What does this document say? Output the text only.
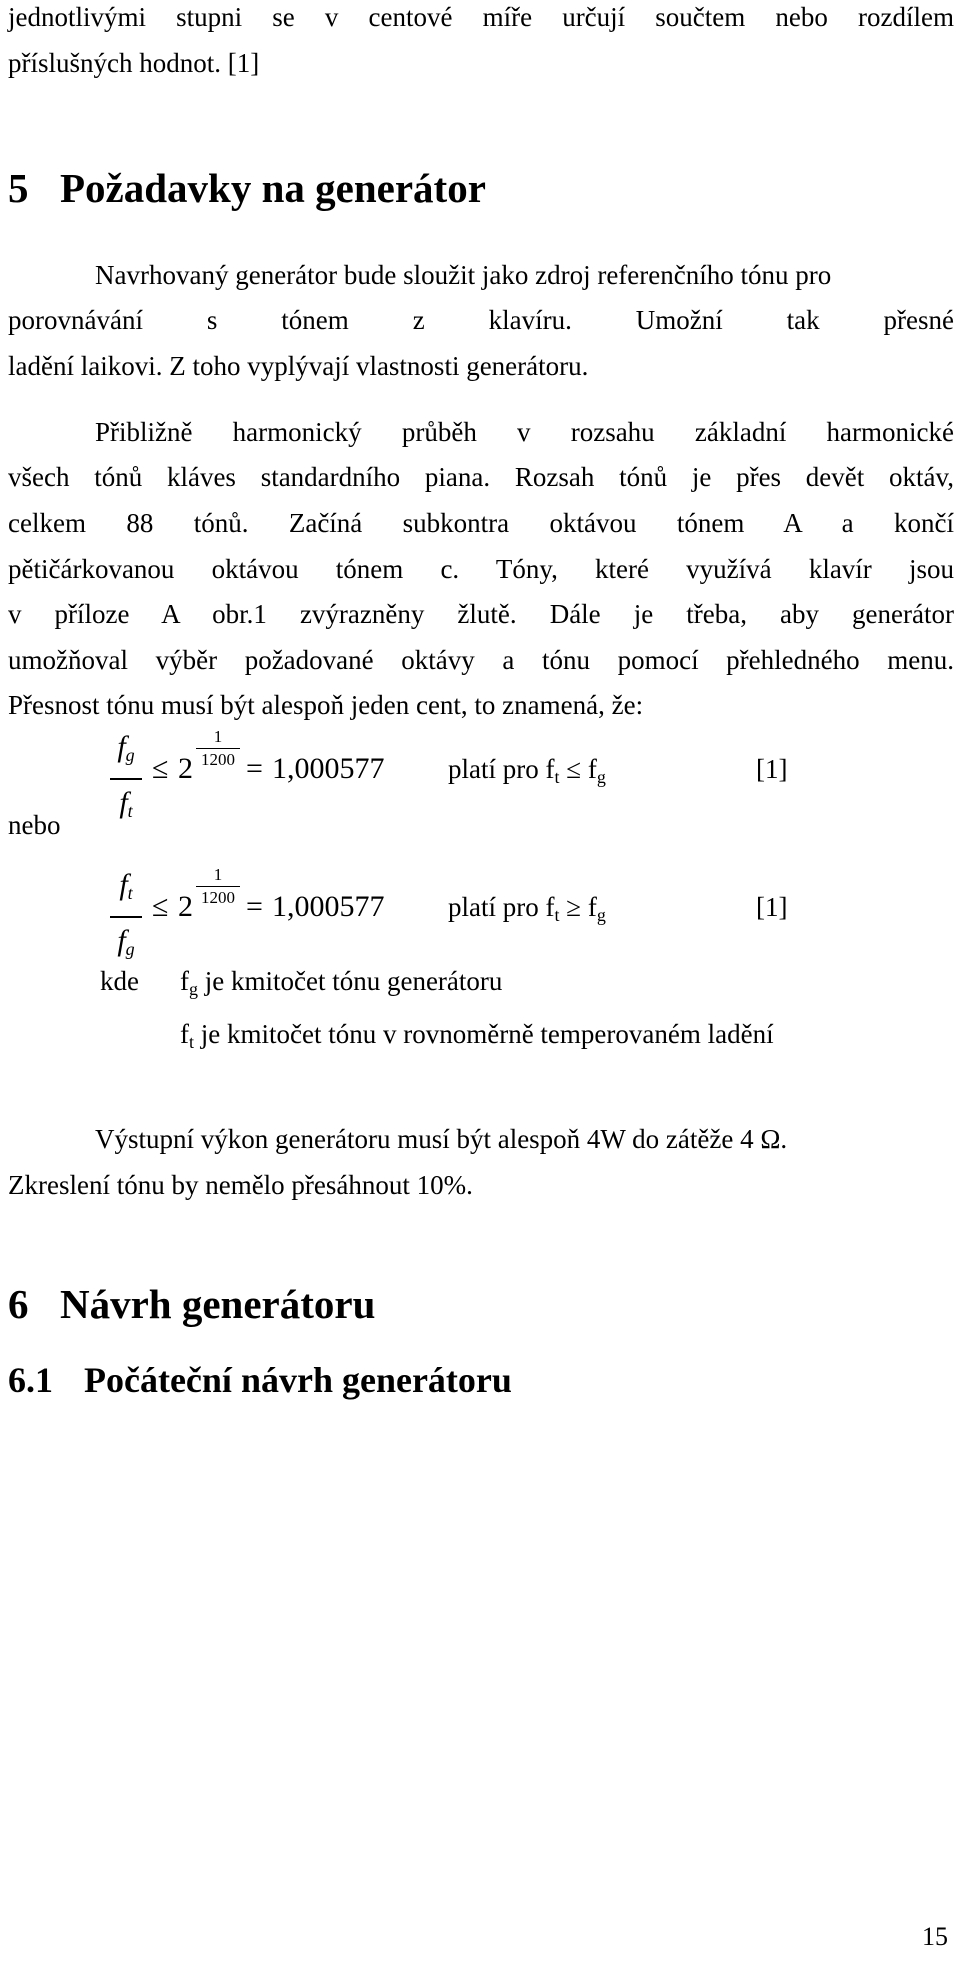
jednotlivými stupni se v centové míře určují součtem nebo rozdílem
příslušných hodnot. [1]
5 Požadavky na generátor
Navrhovaný generátor bude sloužit jako zdroj referenčního tónu pro
porovnávání s tónem z klavíru. Umožní tak přesné
ladění laikovi. Z toho vyplývají vlastnosti generátoru.
Přibližně harmonický průběh v rozsahu základní harmonické
všech tónů kláves standardního piana. Rozsah tónů je přes devět oktáv,
celkem 88 tónů. Začíná subkontra oktávou tónem A a končí
pětičárkovanou oktávou tónem c. Tóny, které využívá klavír jsou
v příloze A obr.1 zvýrazněny žlutě. Dále je třeba, aby generátor
umožňoval výběr požadované oktávy a tónu pomocí přehledného menu.
Přesnost tónu musí být alespoň jeden cent, to znamená, že:
$f_g$
$f_t$
≤ 2
1
1200 = 1,000577 platí pro ft ≤ fg	[1]
nebo
$f_t$
$f_g$
≤ 2
1
1200 = 1,000577 platí pro ft ≥ fg	[1]
kde	fg je kmitočet tónu generátoru
ft je kmitočet tónu v rovnoměrně temperovaném ladění
Výstupní výkon generátoru musí být alespoň 4W do zátěže 4 Ω.
Zkreslení tónu by nemělo přesáhnout 10%.
6 Návrh generátoru
6.1 Počáteční návrh generátoru
15
